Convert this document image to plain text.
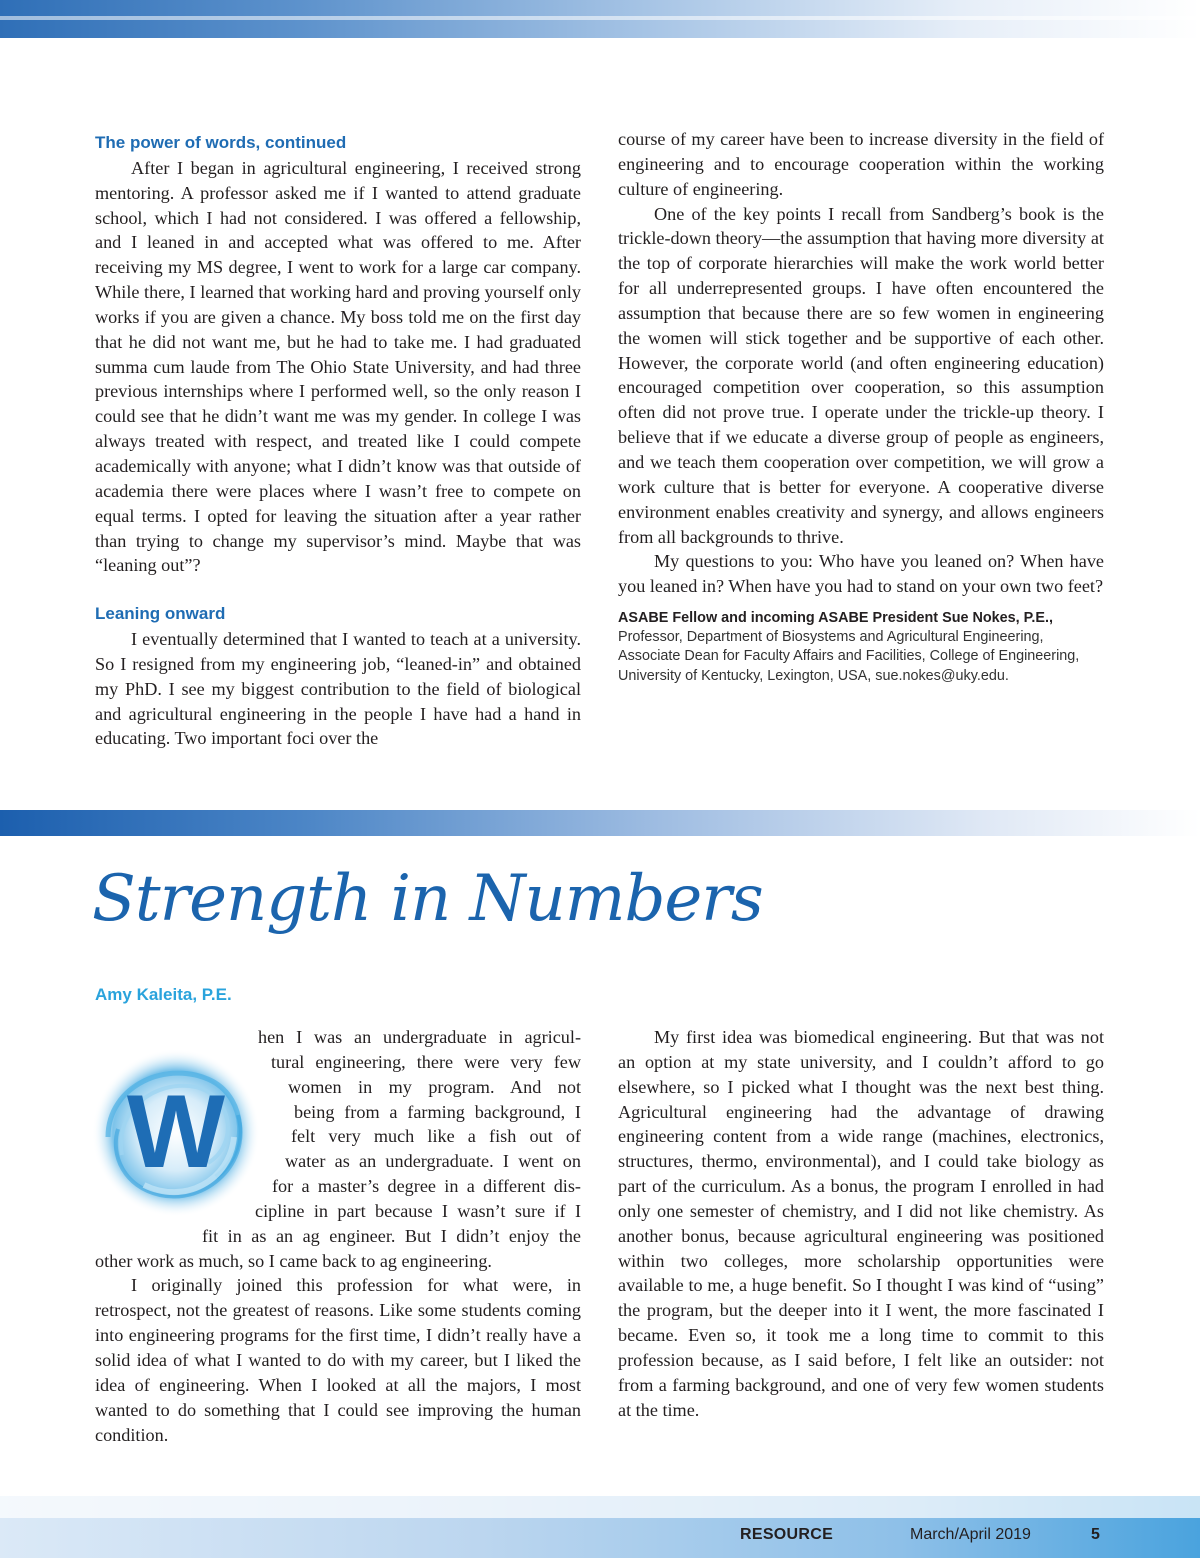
The power of words, continued

After I began in agricultural engineering, I received strong mentoring. A professor asked me if I wanted to attend graduate school, which I had not considered. I was offered a fellowship, and I leaned in and accepted what was offered to me. After receiving my MS degree, I went to work for a large car company. While there, I learned that working hard and proving yourself only works if you are given a chance. My boss told me on the first day that he did not want me, but he had to take me. I had graduated summa cum laude from The Ohio State University, and had three previous internships where I performed well, so the only reason I could see that he didn’t want me was my gender. In college I was always treated with respect, and treated like I could compete academically with anyone; what I didn’t know was that outside of academia there were places where I wasn’t free to compete on equal terms. I opted for leaving the situation after a year rather than trying to change my supervisor’s mind. Maybe that was “leaning out”?

Leaning onward

I eventually determined that I wanted to teach at a university. So I resigned from my engineering job, “leaned-in” and obtained my PhD. I see my biggest contribution to the field of biological and agricultural engineering in the people I have had a hand in educating. Two important foci over the

course of my career have been to increase diversity in the field of engineering and to encourage cooperation within the working culture of engineering.

One of the key points I recall from Sandberg’s book is the trickle-down theory—the assumption that having more diversity at the top of corporate hierarchies will make the work world better for all underrepresented groups. I have often encountered the assumption that because there are so few women in engineering the women will stick together and be supportive of each other. However, the corporate world (and often engineering education) encouraged competition over cooperation, so this assumption often did not prove true. I operate under the trickle-up theory. I believe that if we educate a diverse group of people as engineers, and we teach them cooperation over competition, we will grow a work culture that is better for everyone. A cooperative diverse environment enables creativity and synergy, and allows engineers from all backgrounds to thrive.

My questions to you: Who have you leaned on? When have you leaned in? When have you had to stand on your own two feet?

ASABE Fellow and incoming ASABE President Sue Nokes, P.E., Professor, Department of Biosystems and Agricultural Engineering, Associate Dean for Faculty Affairs and Facilities, College of Engineering, University of Kentucky, Lexington, USA, sue.nokes@uky.edu.
Strength in Numbers
Amy Kaleita, P.E.
W
hen I was an undergraduate in agricul-
tural engineering, there were very few
women in my program. And not
being from a farming background, I
felt very much like a fish out of
water as an undergraduate. I went on
for a master’s degree in a different dis-
cipline in part because I wasn’t sure if I
fit in as an ag engineer. But I didn’t enjoy the

other work as much, so I came back to ag engineering.

I originally joined this profession for what were, in retrospect, not the greatest of reasons. Like some students coming into engineering programs for the first time, I didn’t really have a solid idea of what I wanted to do with my career, but I liked the idea of engineering. When I looked at all the majors, I most wanted to do something that I could see improving the human condition.

My first idea was biomedical engineering. But that was not an option at my state university, and I couldn’t afford to go elsewhere, so I picked what I thought was the next best thing. Agricultural engineering had the advantage of drawing engineering content from a wide range (machines, electronics, structures, thermo, environmental), and I could take biology as part of the curriculum. As a bonus, the program I enrolled in had only one semester of chemistry, and I did not like chemistry. As another bonus, because agricultural engineering was positioned within two colleges, more scholarship opportunities were available to me, a huge benefit. So I thought I was kind of “using” the program, but the deeper into it I went, the more fascinated I became. Even so, it took me a long time to commit to this profession because, as I said before, I felt like an outsider: not from a farming background, and one of very few women students at the time.

RESOURCE	March/April 2019	5
